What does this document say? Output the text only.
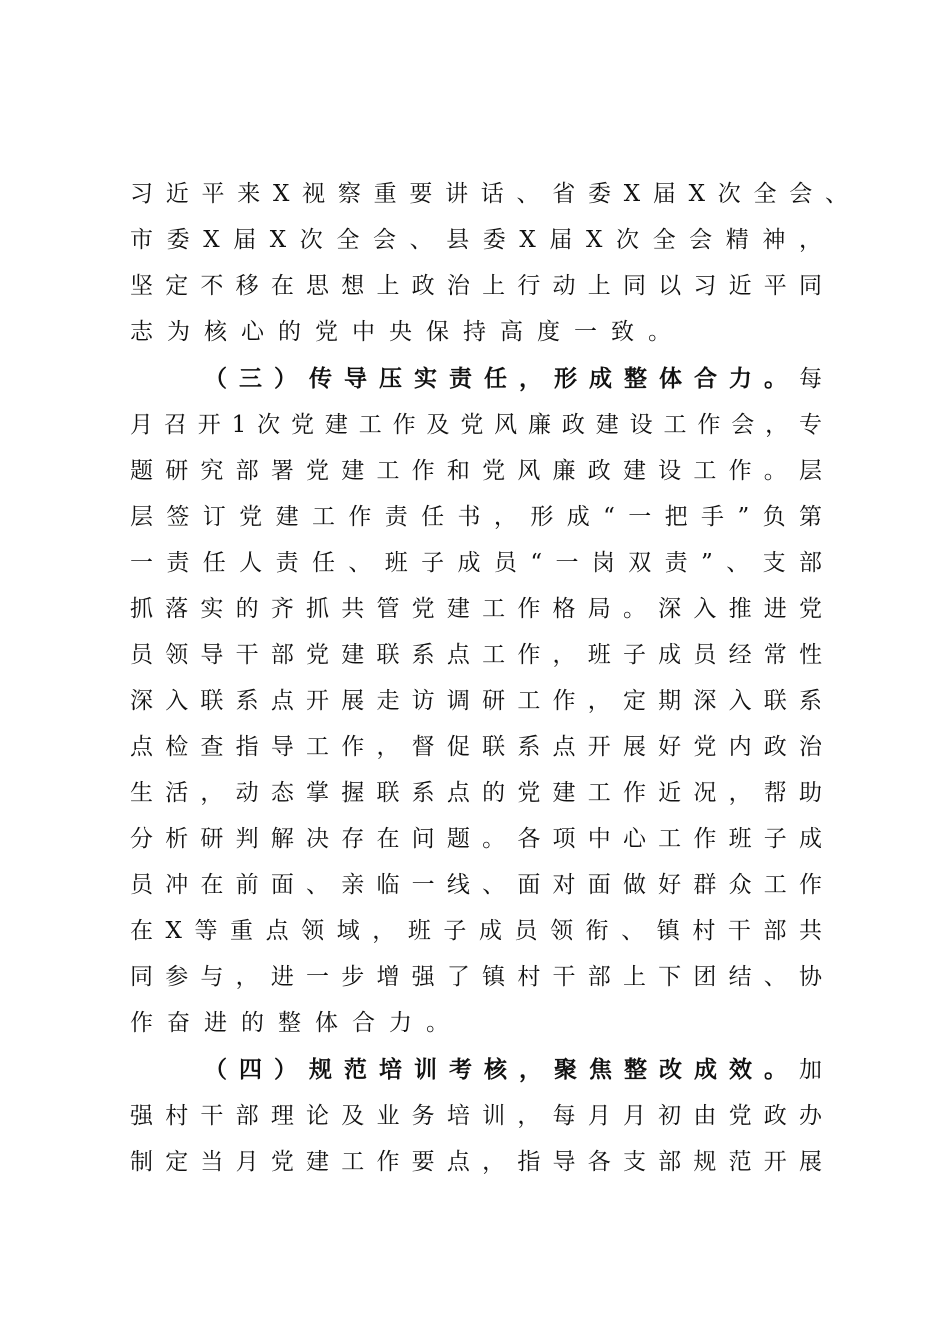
习近平来X视察重要讲话、省委X届X次全会、
市委X届X次全会、县委X届X次全会精神，
坚定不移在思想上政治上行动上同以习近平同
志为核心的党中央保持高度一致。
（三）传导压实责任，形成整体合力。每
月召开1次党建工作及党风廉政建设工作会，专
题研究部署党建工作和党风廉政建设工作。层
层签订党建工作责任书，形成“一把手”负第
一责任人责任、班子成员“一岗双责”、支部
抓落实的齐抓共管党建工作格局。深入推进党
员领导干部党建联系点工作，班子成员经常性
深入联系点开展走访调研工作，定期深入联系
点检查指导工作，督促联系点开展好党内政治
生活，动态掌握联系点的党建工作近况，帮助
分析研判解决存在问题。各项中心工作班子成
员冲在前面、亲临一线、面对面做好群众工作
在X等重点领域，班子成员领衔、镇村干部共
同参与，进一步增强了镇村干部上下团结、协
作奋进的整体合力。
（四）规范培训考核，聚焦整改成效。加
强村干部理论及业务培训，每月月初由党政办
制定当月党建工作要点，指导各支部规范开展
